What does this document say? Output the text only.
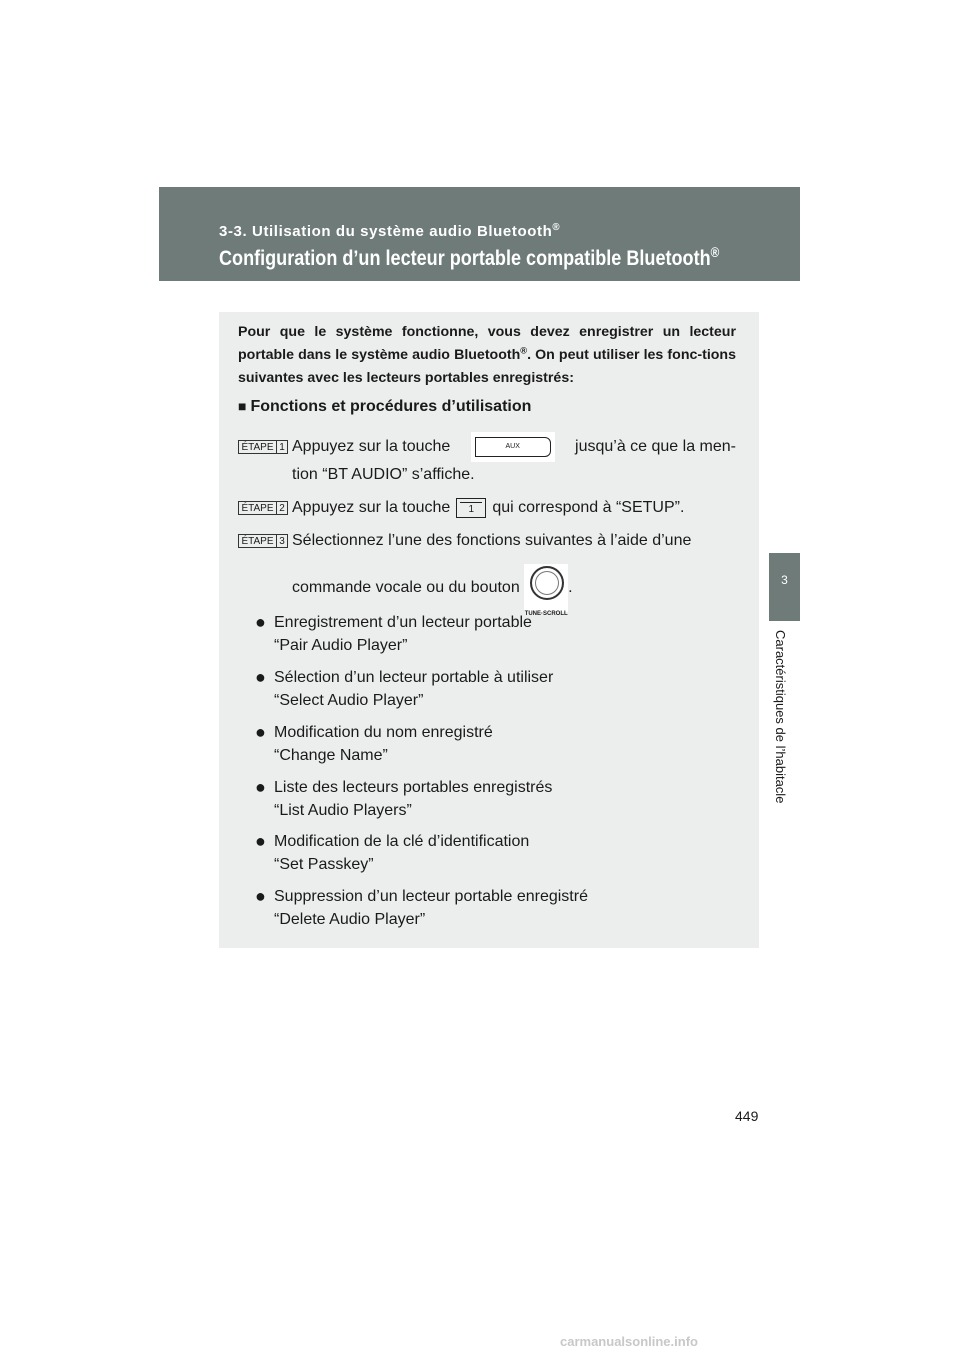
3-3. Utilisation du système audio Bluetooth®
Configuration d’un lecteur portable compatible Bluetooth®
3
Caractéristiques de l’habitacle
Pour que le système fonctionne, vous devez enregistrer un lecteur portable dans le système audio Bluetooth®. On peut utiliser les fonc-tions suivantes avec les lecteurs portables enregistrés:
■ Fonctions et procédures d’utilisation
ÉTAPE 1 Appuyez sur la touche	AUX	jusqu’à ce que la men-
tion “BT AUDIO” s’affiche.
ÉTAPE 2 Appuyez sur la touche 1 qui correspond à “SETUP”.
ÉTAPE 3 Sélectionnez l’une des fonctions suivantes à l’aide d’une
commande vocale ou du bouton
TUNE·SCROLL
.
● Enregistrement d’un lecteur portable
“Pair Audio Player”
● Sélection d’un lecteur portable à utiliser
“Select Audio Player”
● Modification du nom enregistré
“Change Name”
● Liste des lecteurs portables enregistrés
“List Audio Players”
● Modification de la clé d’identification
“Set Passkey”
● Suppression d’un lecteur portable enregistré
“Delete Audio Player”
449
carmanualsonline.info
